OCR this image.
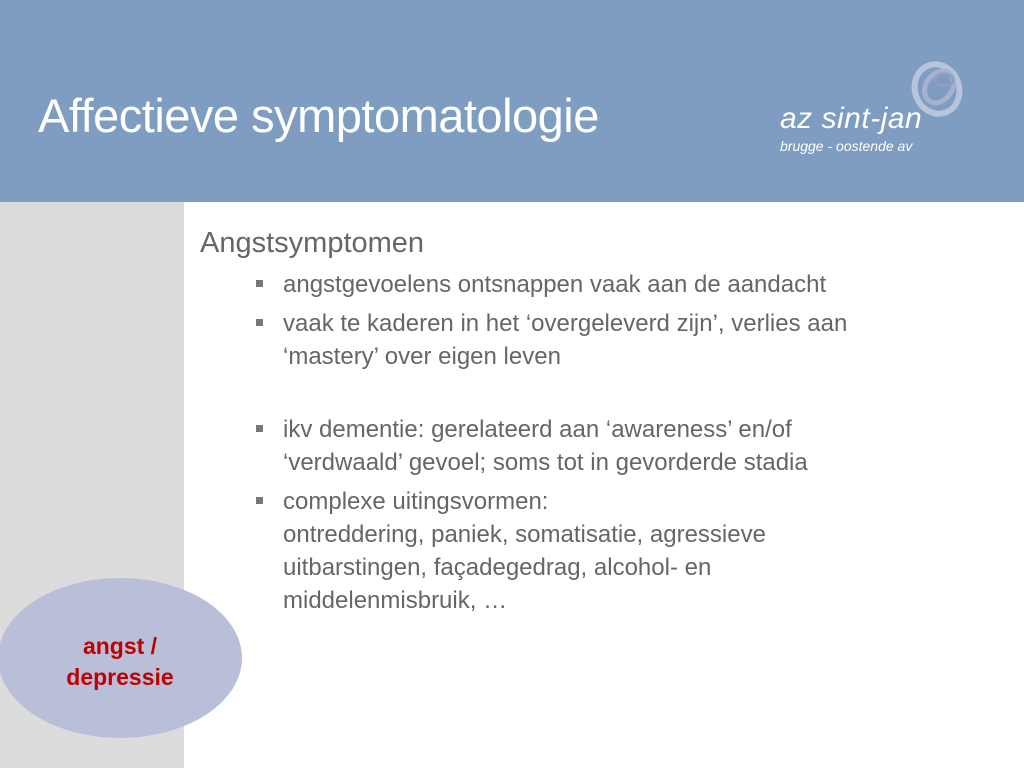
Affectieve symptomatologie	az sint-jan
brugge - oostende av
angst /
depressie
Angstsymptomen
angstgevoelens ontsnappen vaak aan de aandacht
vaak te kaderen in het ‘overgeleverd zijn’, verlies aan
‘mastery’ over eigen leven
ikv dementie: gerelateerd aan ‘awareness’ en/of
‘verdwaald’ gevoel; soms tot in gevorderde stadia
complexe uitingsvormen:
ontreddering, paniek, somatisatie, agressieve
uitbarstingen, façadegedrag, alcohol- en
middelenmisbruik, …
